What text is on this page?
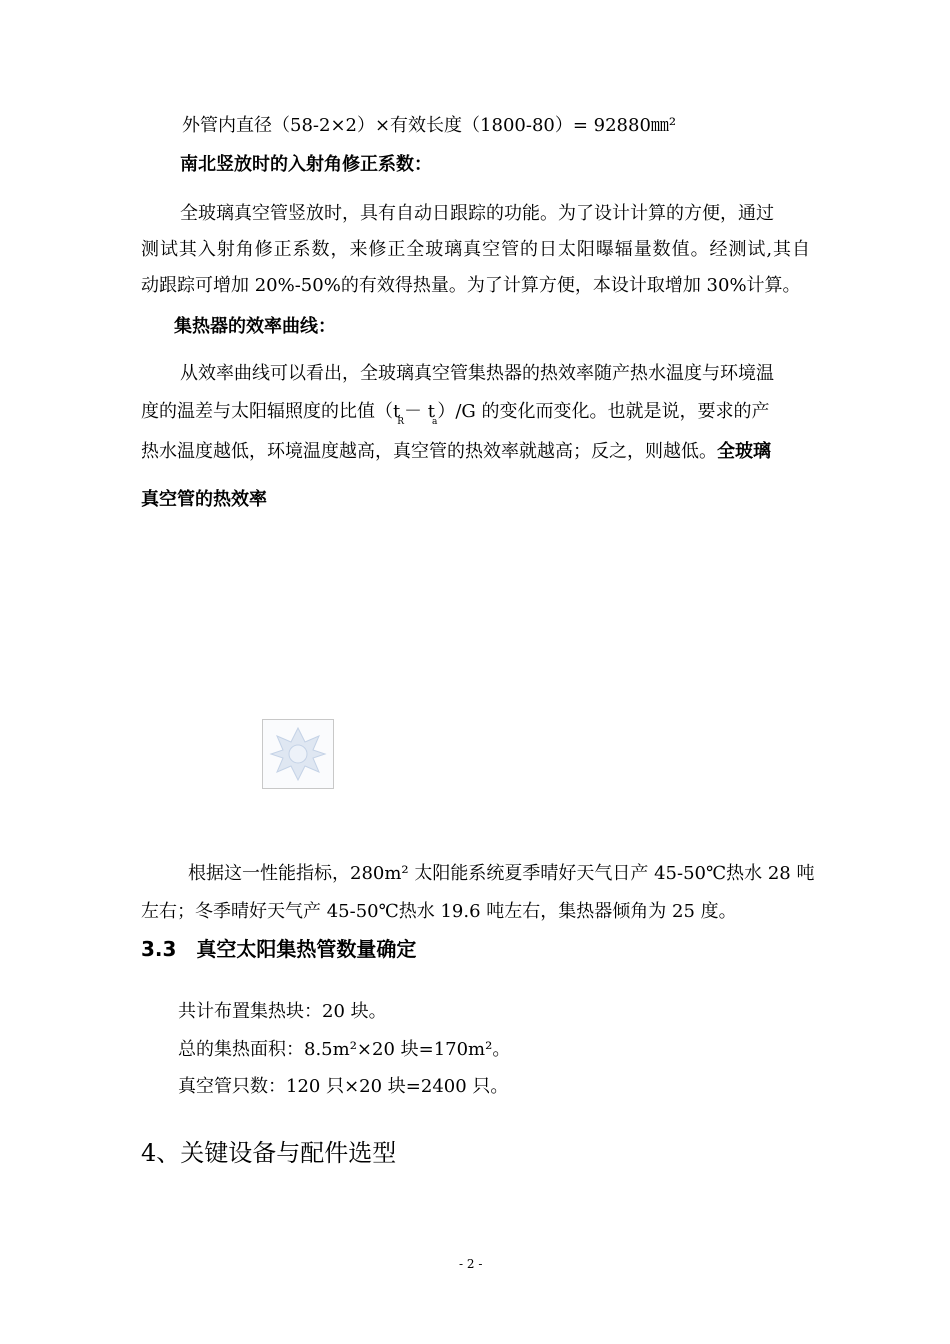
外管内直径（58-2×2）×有效长度（1800-80）= 92880㎜²
南北竖放时的入射角修正系数：
全玻璃真空管竖放时，具有自动日跟踪的功能。为了设计计算的方便，通过
测试其入射角修正系数，来修正全玻璃真空管的日太阳曝辐量数值。经测试,其自
动跟踪可增加 20%-50%的有效得热量。为了计算方便，本设计取增加 30%计算。
集热器的效率曲线：
从效率曲线可以看出，全玻璃真空管集热器的热效率随产热水温度与环境温
度的温差与太阳辐照度的比值$(t_R- t_a)/G$ 的变化而变化。也就是说，要求的产
热水温度越低，环境温度越高，真空管的热效率就越高；反之，则越低。全玻璃
真空管的热效率
根据这一性能指标，280m² 太阳能系统夏季晴好天气日产 45-50℃热水 28 吨
左右；冬季晴好天气产 45-50℃热水 19.6 吨左右，集热器倾角为 25 度。
3.3　真空太阳集热管数量确定
共计布置集热块：20 块。
总的集热面积：8.5m²×20 块=170m²。
真空管只数：120 只×20 块=2400 只。
4、关键设备与配件选型
- 2 -
